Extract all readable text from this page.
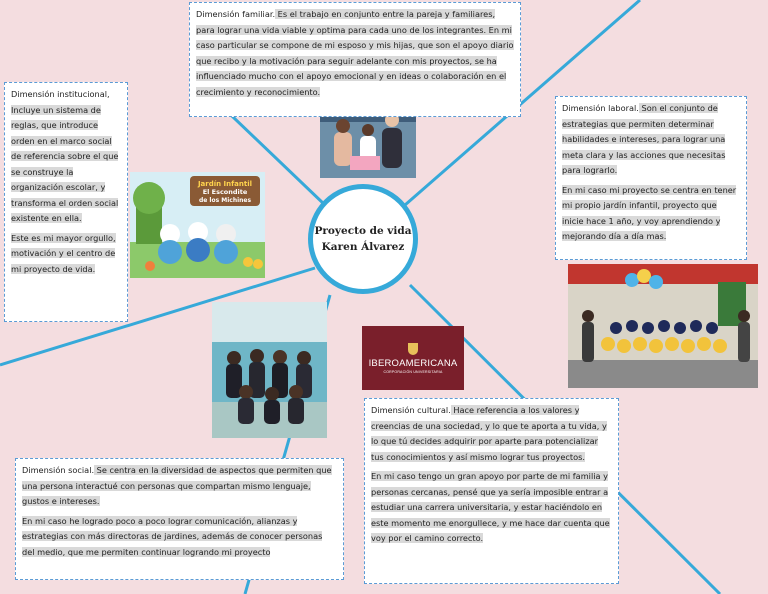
Jardín Infantil
El Escondite
de los Michines
IBEROAMERICANA
CORPORACIÓN UNIVERSITARIA
Proyecto de vida
Karen Álvarez

Dimensión familiar. Es el trabajo en conjunto entre la pareja y familiares, para lograr una vida viable y optima para cada uno de los integrantes. En mi caso particular se compone de mi esposo y mis hijas, que son el apoyo diario que recibo y la motivación para seguir adelante con mis proyectos, se ha influenciado mucho con el apoyo emocional y en ideas o colaboración en el crecimiento y reconocimiento.

Dimensión institucional, Incluye un sistema de reglas, que introduce orden en el marco social de referencia sobre el que se construye la organización escolar, y transforma el orden social existente en ella.

Este es mi mayor orgullo, motivación y el centro de mi proyecto de vida.

Dimensión laboral. Son el conjunto de estrategias que permiten determinar habilidades e intereses, para lograr una meta clara y las acciones que necesitas para lograrlo.

En mi caso mi proyecto se centra en tener mi propio jardín infantil, proyecto que inicie hace 1 año, y voy aprendiendo y mejorando día a día mas.

Dimensión cultural. Hace referencia a los valores y creencias de una sociedad, y lo que te aporta a tu vida, y lo que tú decides adquirir por aparte para potencializar tus conocimientos y así mismo lograr tus proyectos.

En mi caso tengo un gran apoyo por parte de mi familia y personas cercanas, pensé que ya sería imposible entrar a estudiar una carrera universitaria, y estar haciéndolo en este momento me enorgullece, y me hace dar cuenta que voy por el camino correcto.

Dimensión social. Se centra en la diversidad de aspectos que permiten que una persona interactué con personas que compartan mismo lenguaje, gustos e intereses.

En mi caso he logrado poco a poco lograr comunicación, alianzas y estrategias con más directoras de jardines, además de conocer personas del medio, que me permiten continuar logrando mi proyecto
